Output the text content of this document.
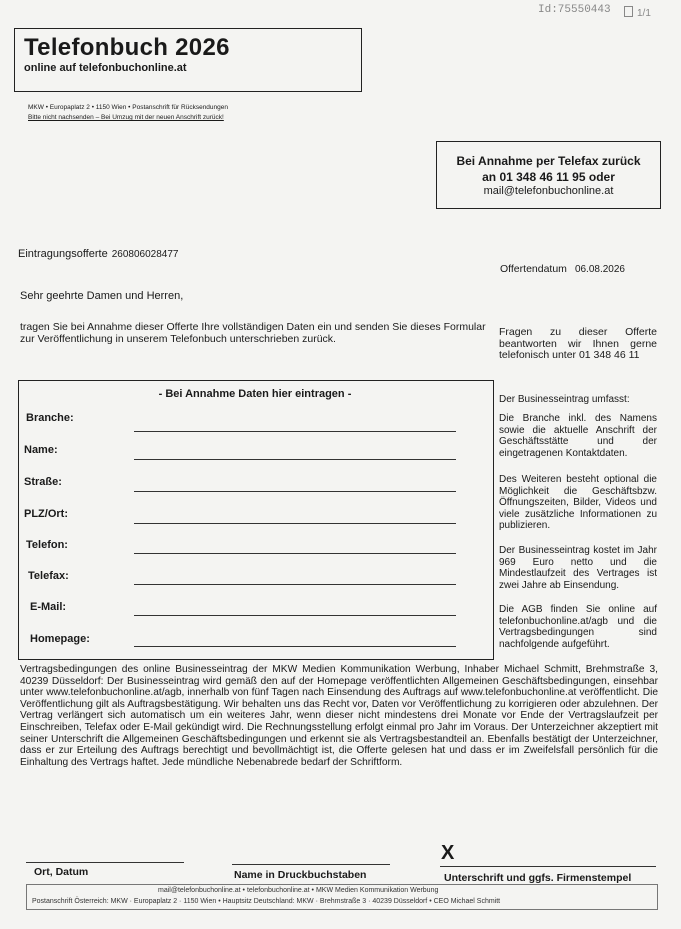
Id:75550443	1/1
Telefonbuch 2026
online auf telefonbuchonline.at
MKW • Europaplatz 2 • 1150 Wien • Postanschrift für Rücksendungen
Bitte nicht nachsenden – Bei Umzug mit der neuen Anschrift zurück!
Bei Annahme per Telefax zurück
an 01 348 46 11 95 oder
mail@telefonbuchonline.at
Eintragungsofferte 260806028477
Offertendatum 06.08.2026
Sehr geehrte Damen und Herren,
tragen Sie bei Annahme dieser Offerte Ihre vollständigen Daten ein und senden Sie dieses Formular zur Veröffentlichung in unserem Telefonbuch unterschrieben zurück.
Fragen zu dieser Offerte beantworten wir Ihnen gerne telefonisch unter 01 348 46 11
- Bei Annahme Daten hier eintragen -
Branche:
Name:
Straße:
PLZ/Ort:
Telefon:
Telefax:
E-Mail:
Homepage:
Der Businesseintrag umfasst:
Die Branche inkl. des Namens sowie die aktuelle Anschrift der Geschäftsstätte und der eingetragenen Kontaktdaten.
Des Weiteren besteht optional die Möglichkeit die Geschäftsbzw. Öffnungszeiten, Bilder, Videos und viele zusätzliche Informationen zu publizieren.
Der Businesseintrag kostet im Jahr 969 Euro netto und die Mindestlaufzeit des Vertrages ist zwei Jahre ab Einsendung.
Die AGB finden Sie online auf telefonbuchonline.at/agb und die Vertragsbedingungen sind nachfolgende aufgeführt.
Vertragsbedingungen des online Businesseintrag der MKW Medien Kommunikation Werbung, Inhaber Michael Schmitt, Brehmstraße 3, 40239 Düsseldorf: Der Businesseintrag wird gemäß den auf der Homepage veröffentlichten Allgemeinen Geschäftsbedingungen, einsehbar unter www.telefonbuchonline.at/agb, innerhalb von fünf Tagen nach Einsendung des Auftrags auf www.telefonbuchonline.at veröffentlicht. Die Veröffentlichung gilt als Auftragsbestätigung. Wir behalten uns das Recht vor, Daten vor Veröffentlichung zu korrigieren oder abzulehnen. Der Vertrag verlängert sich automatisch um ein weiteres Jahr, wenn dieser nicht mindestens drei Monate vor Ende der Vertragslaufzeit per Einschreiben, Telefax oder E-Mail gekündigt wird. Die Rechnungsstellung erfolgt einmal pro Jahr im Voraus. Der Unterzeichner akzeptiert mit seiner Unterschrift die Allgemeinen Geschäftsbedingungen und erkennt sie als Vertragsbestandteil an. Ebenfalls bestätigt der Unterzeichner, dass er zur Erteilung des Auftrags berechtigt und bevollmächtigt ist, die Offerte gelesen hat und dass er im Zweifelsfall persönlich für die Einhaltung des Vertrags haftet. Jede mündliche Nebenabrede bedarf der Schriftform.
X
Ort, Datum	Name in Druckbuchstaben	Unterschrift und ggfs. Firmenstempel
mail@telefonbuchonline.at • telefonbuchonline.at • MKW Medien Kommunikation Werbung
Postanschrift Österreich: MKW · Europaplatz 2 · 1150 Wien • Hauptsitz Deutschland: MKW · Brehmstraße 3 · 40239 Düsseldorf • CEO Michael Schmitt
